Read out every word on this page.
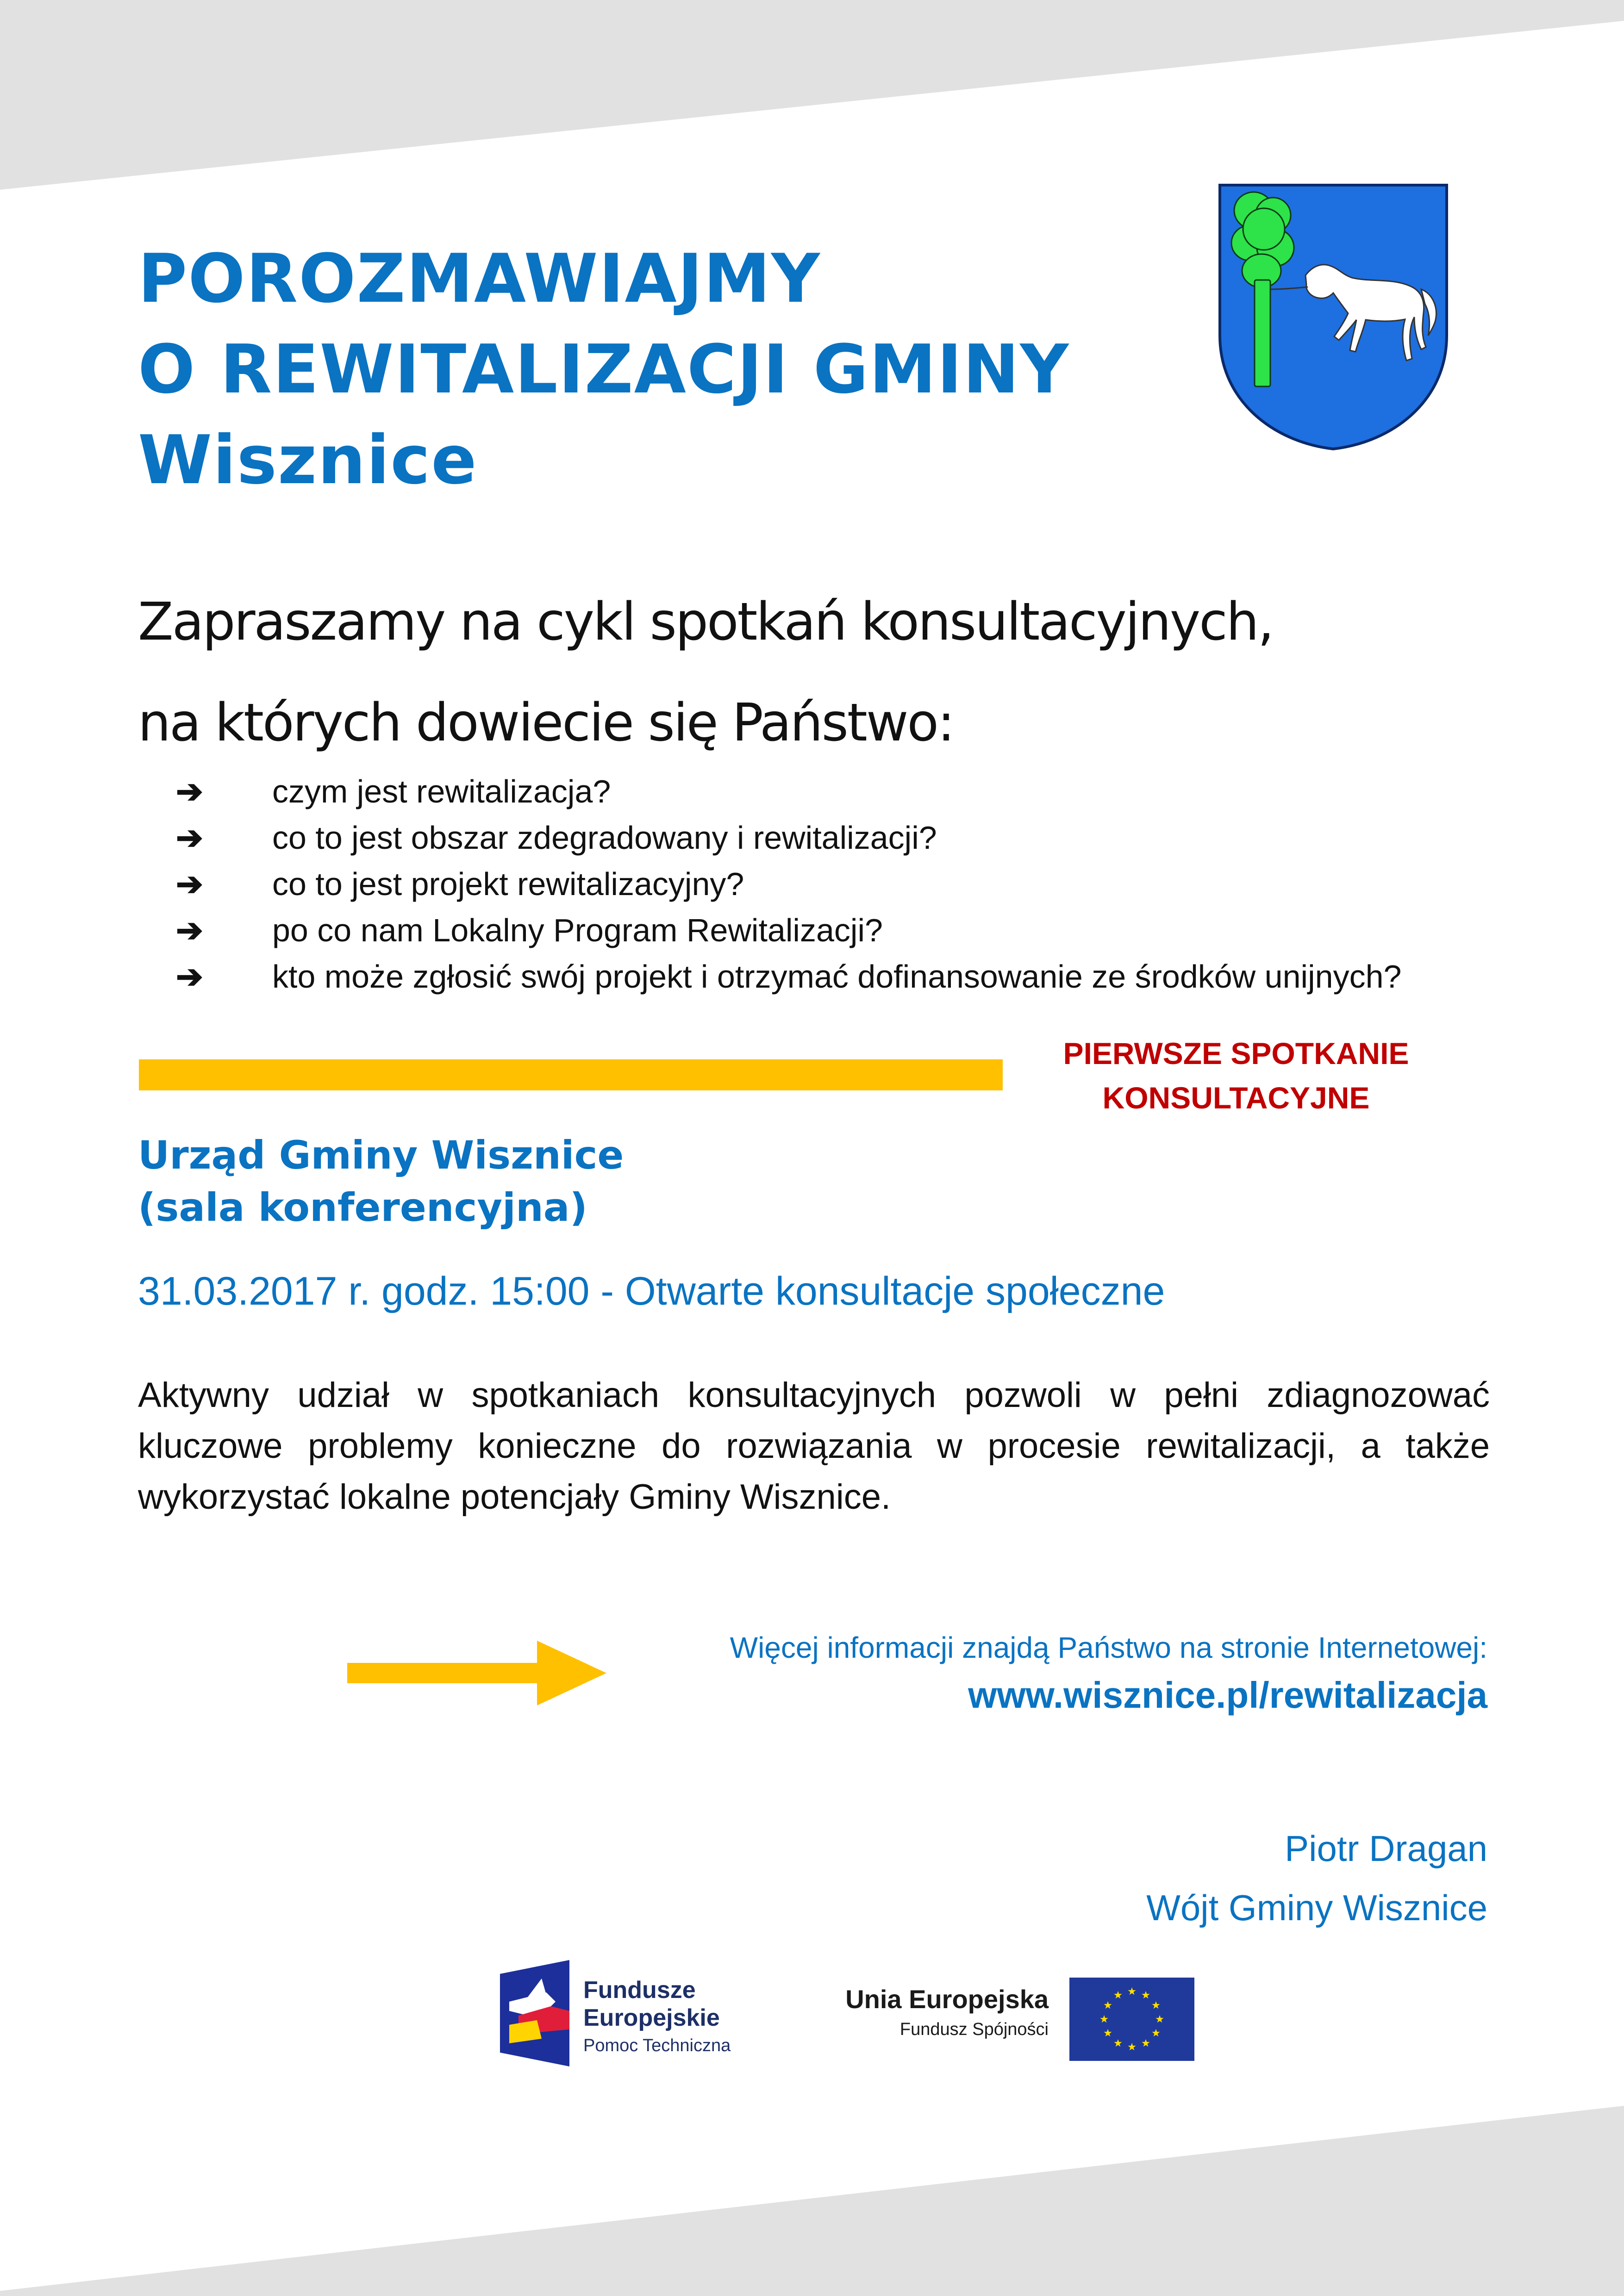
POROZMAWIAJMY
O REWITALIZACJI GMINY
Wisznice
Zapraszamy na cykl spotkań konsultacyjnych,
na których dowiecie się Państwo:
➔ czym jest rewitalizacja?
➔ co to jest obszar zdegradowany i rewitalizacji?
➔ co to jest projekt rewitalizacyjny?
➔ po co nam Lokalny Program Rewitalizacji?
➔ kto może zgłosić swój projekt i otrzymać dofinansowanie ze środków unijnych?
PIERWSZE SPOTKANIE
KONSULTACYJNE
Urząd Gminy Wisznice
(sala konferencyjna)
31.03.2017 r. godz. 15:00 - Otwarte konsultacje społeczne
Aktywny udział w spotkaniach konsultacyjnych pozwoli w pełni zdiagnozować
kluczowe problemy konieczne do rozwiązania w procesie rewitalizacji, a także
wykorzystać lokalne potencjały Gminy Wisznice.
Więcej informacji znajdą Państwo na stronie Internetowej:
www.wisznice.pl/rewitalizacja
Piotr Dragan
Wójt Gminy Wisznice
Fundusze
Europejskie
Pomoc Techniczna
Unia Europejska
Fundusz Spójności
